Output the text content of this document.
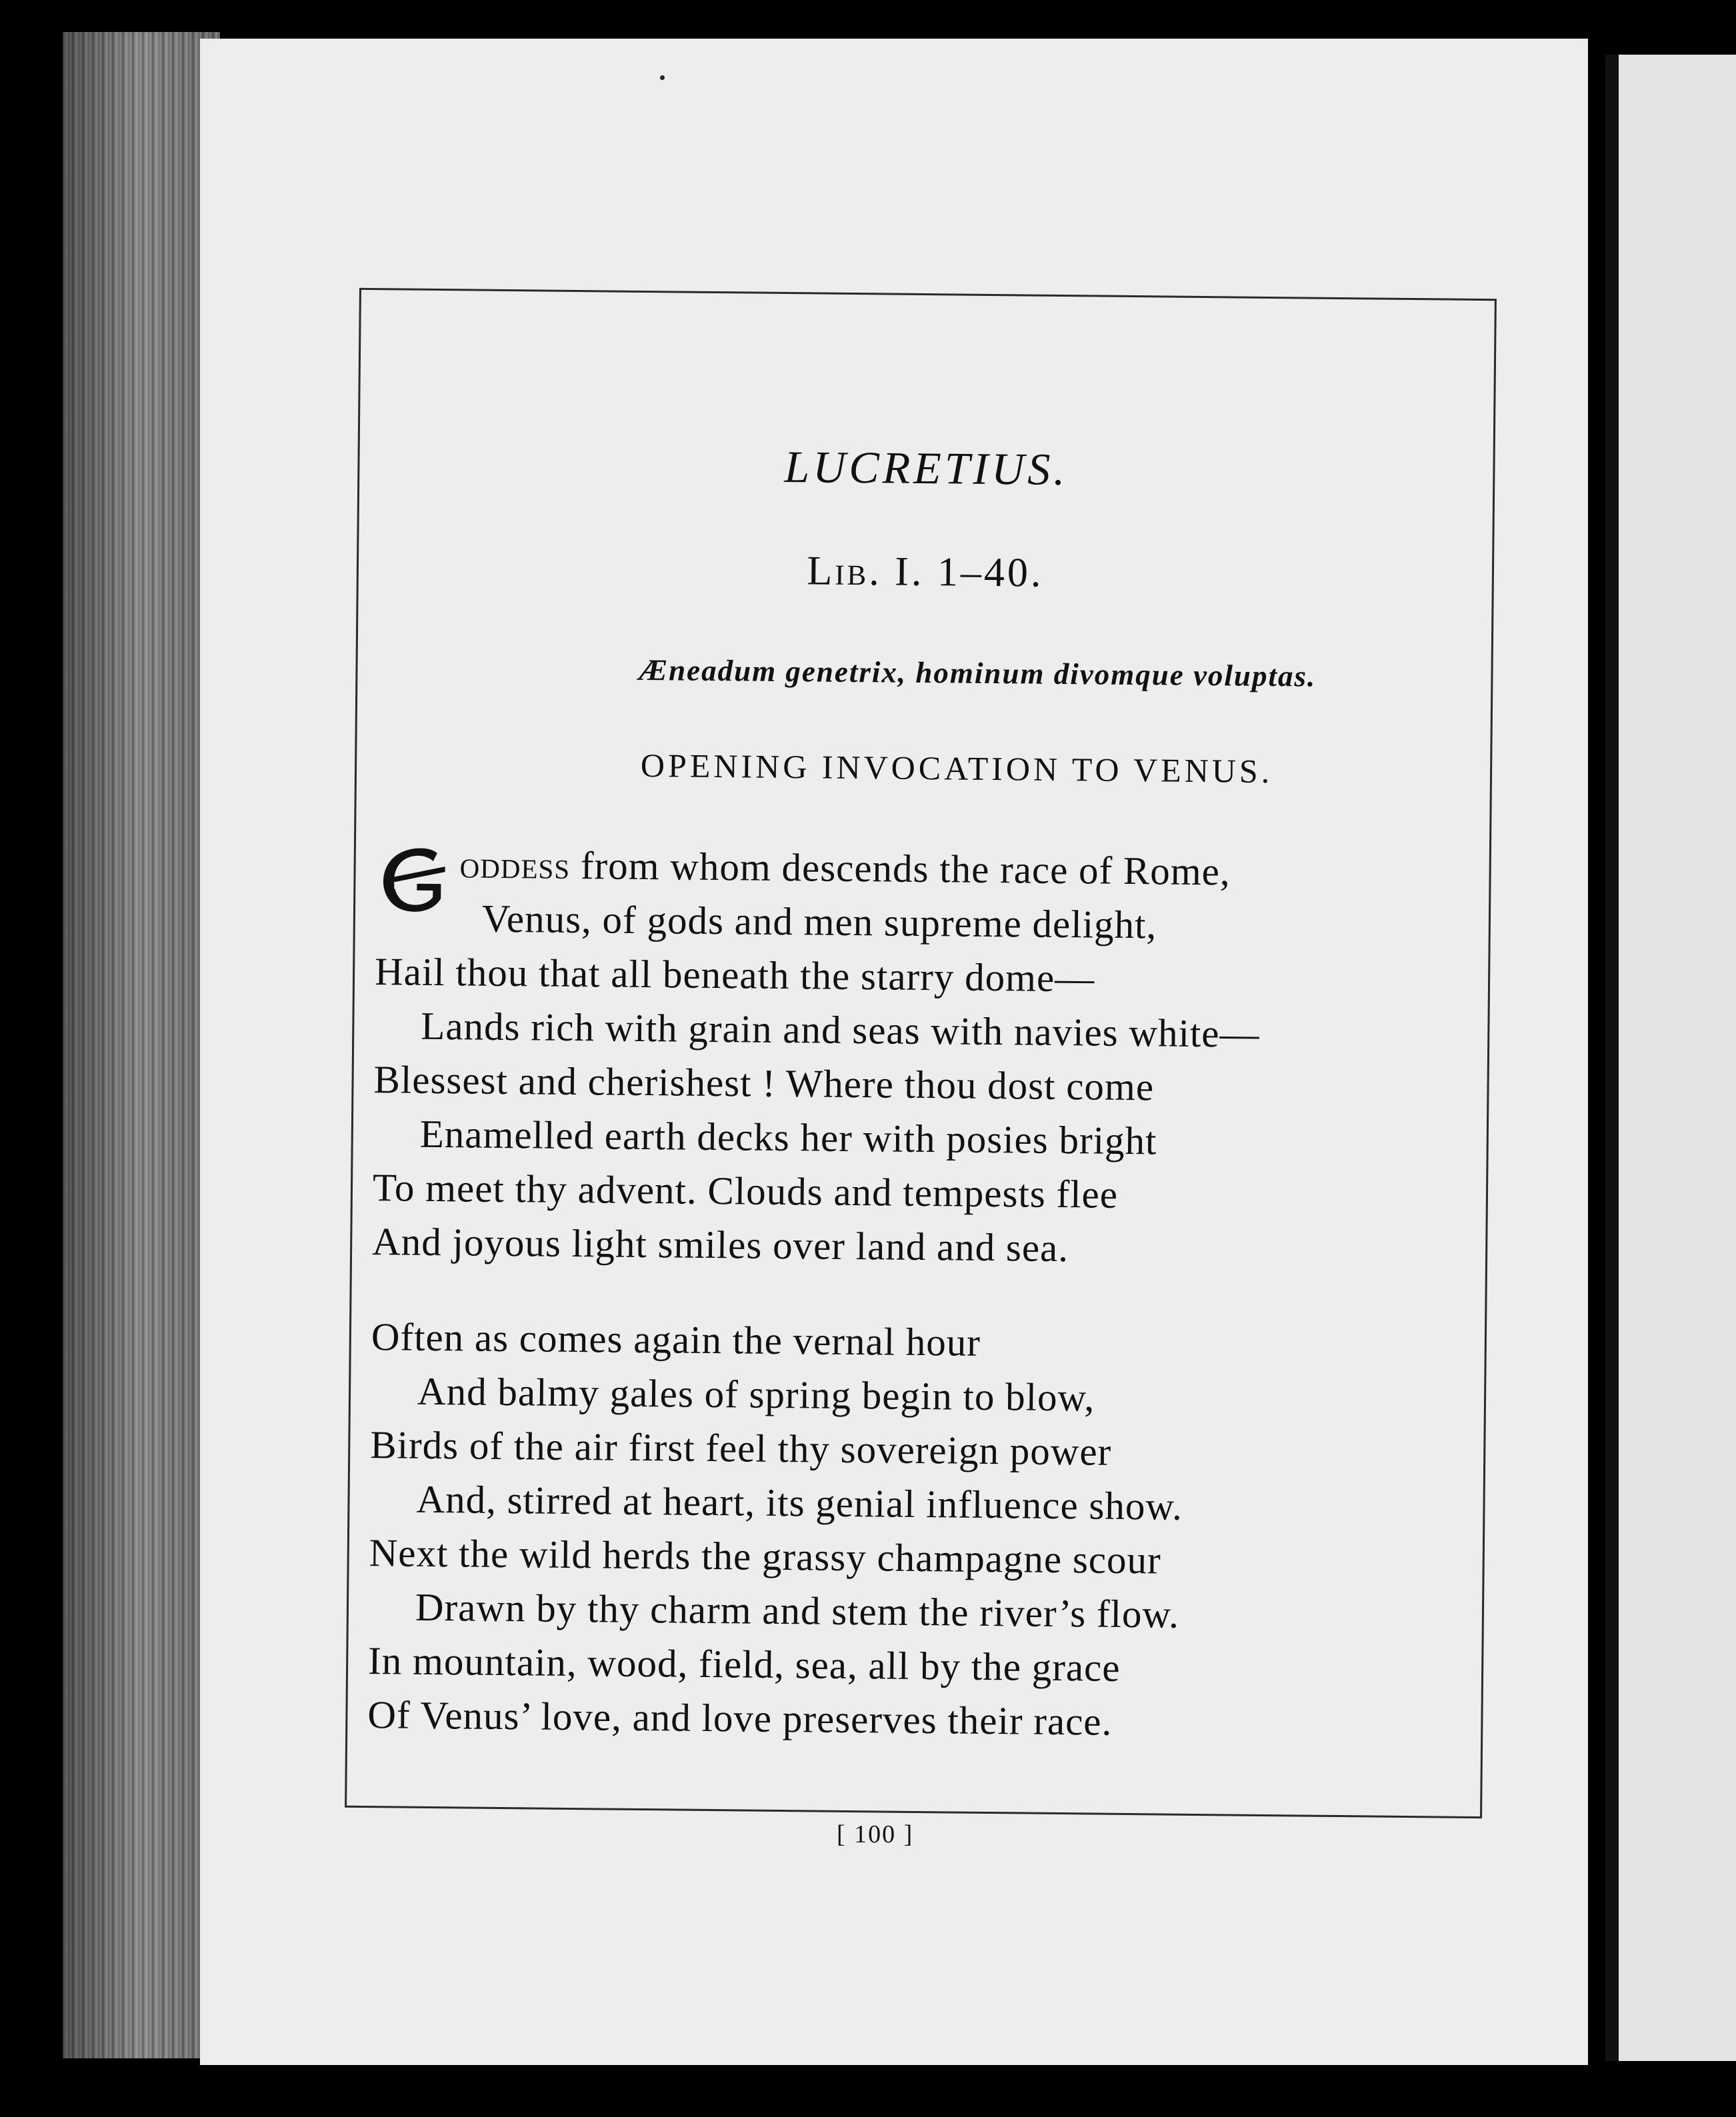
LUCRETIUS.
Lib. I. 1–40.
Æneadum genetrix, hominum divomque voluptas.
OPENING INVOCATION TO VENUS.
oddess from whom descends the race of Rome,
Venus, of gods and men supreme delight,
Hail thou that all beneath the starry dome—
Lands rich with grain and seas with navies white—
Blessest and cherishest ! Where thou dost come
Enamelled earth decks her with posies bright
To meet thy advent. Clouds and tempests flee
And joyous light smiles over land and sea.
Often as comes again the vernal hour
And balmy gales of spring begin to blow,
Birds of the air first feel thy sovereign power
And, stirred at heart, its genial influence show.
Next the wild herds the grassy champagne scour
Drawn by thy charm and stem the river’s flow.
In mountain, wood, field, sea, all by the grace
Of Venus’ love, and love preserves their race.
[ 100 ]
